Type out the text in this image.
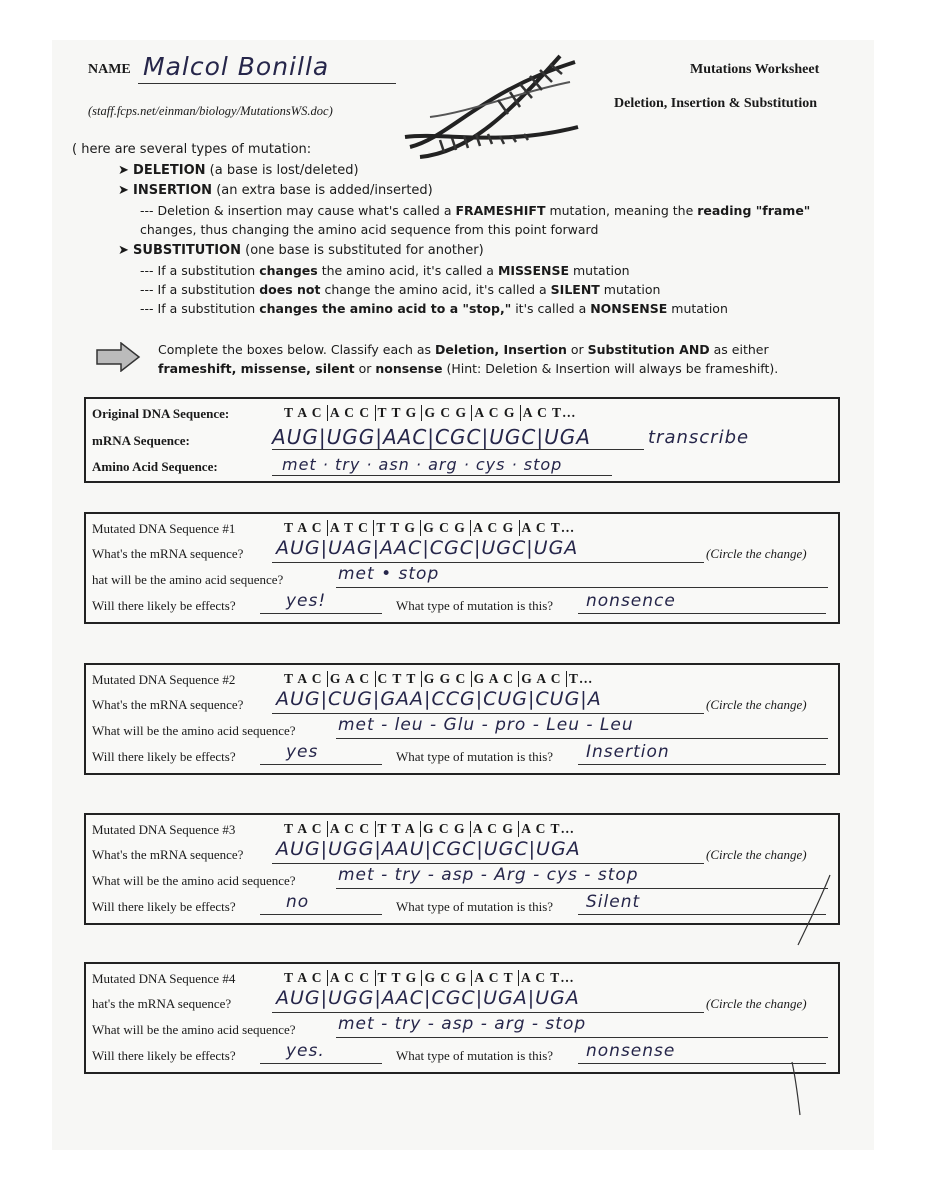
NAME Malcol Bonilla
(staff.fcps.net/einman/biology/MutationsWS.doc)
Mutations Worksheet
Deletion, Insertion & Substitution
( here are several types of mutation:
➤ DELETION (a base is lost/deleted)
➤ INSERTION (an extra base is added/inserted)
--- Deletion & insertion may cause what's called a FRAMESHIFT mutation, meaning the reading "frame"
changes, thus changing the amino acid sequence from this point forward
➤ SUBSTITUTION (one base is substituted for another)
--- If a substitution changes the amino acid, it's called a MISSENSE mutation
--- If a substitution does not change the amino acid, it's called a SILENT mutation
--- If a substitution changes the amino acid to a "stop," it's called a NONSENSE mutation
Complete the boxes below. Classify each as Deletion, Insertion or Substitution AND as either
frameshift, missense, silent or nonsense (Hint: Deletion & Insertion will always be frameshift).
Original DNA Sequence:	T A C A C C T T G G C G A C G A C T…
mRNA Sequence:	AUG|UGG|AAC|CGC|UGC|UGA	transcribe
Amino Acid Sequence:	met · try · asn · arg · cys · stop
Mutated DNA Sequence #1	T A C A T C T T G G C G A C G A C T…
What's the mRNA sequence? AUG|UAG|AAC|CGC|UGC|UGA	(Circle the change)
hat will be the amino acid sequence?	met • stop
Will there likely be effects?	yes!	What type of mutation is this? nonsence
Mutated DNA Sequence #2	T A C G A C C T T G G C G A C G A C T…
What's the mRNA sequence? AUG|CUG|GAA|CCG|CUG|CUG|A	(Circle the change)
What will be the amino acid sequence? met - leu - Glu - pro - Leu - Leu
Will there likely be effects?	yes	What type of mutation is this? Insertion
Mutated DNA Sequence #3	T A C A C C T T A G C G A C G A C T…
What's the mRNA sequence? AUG|UGG|AAU|CGC|UGC|UGA	(Circle the change)
What will be the amino acid sequence? met - try - asp - Arg - cys - stop
Will there likely be effects?	no	What type of mutation is this? Silent
Mutated DNA Sequence #4	T A C A C C T T G G C G A C T A C T…
hat's the mRNA sequence? AUG|UGG|AAC|CGC|UGA|UGA	(Circle the change)
What will be the amino acid sequence? met - try - asp - arg - stop
Will there likely be effects?	yes.	What type of mutation is this? nonsense
